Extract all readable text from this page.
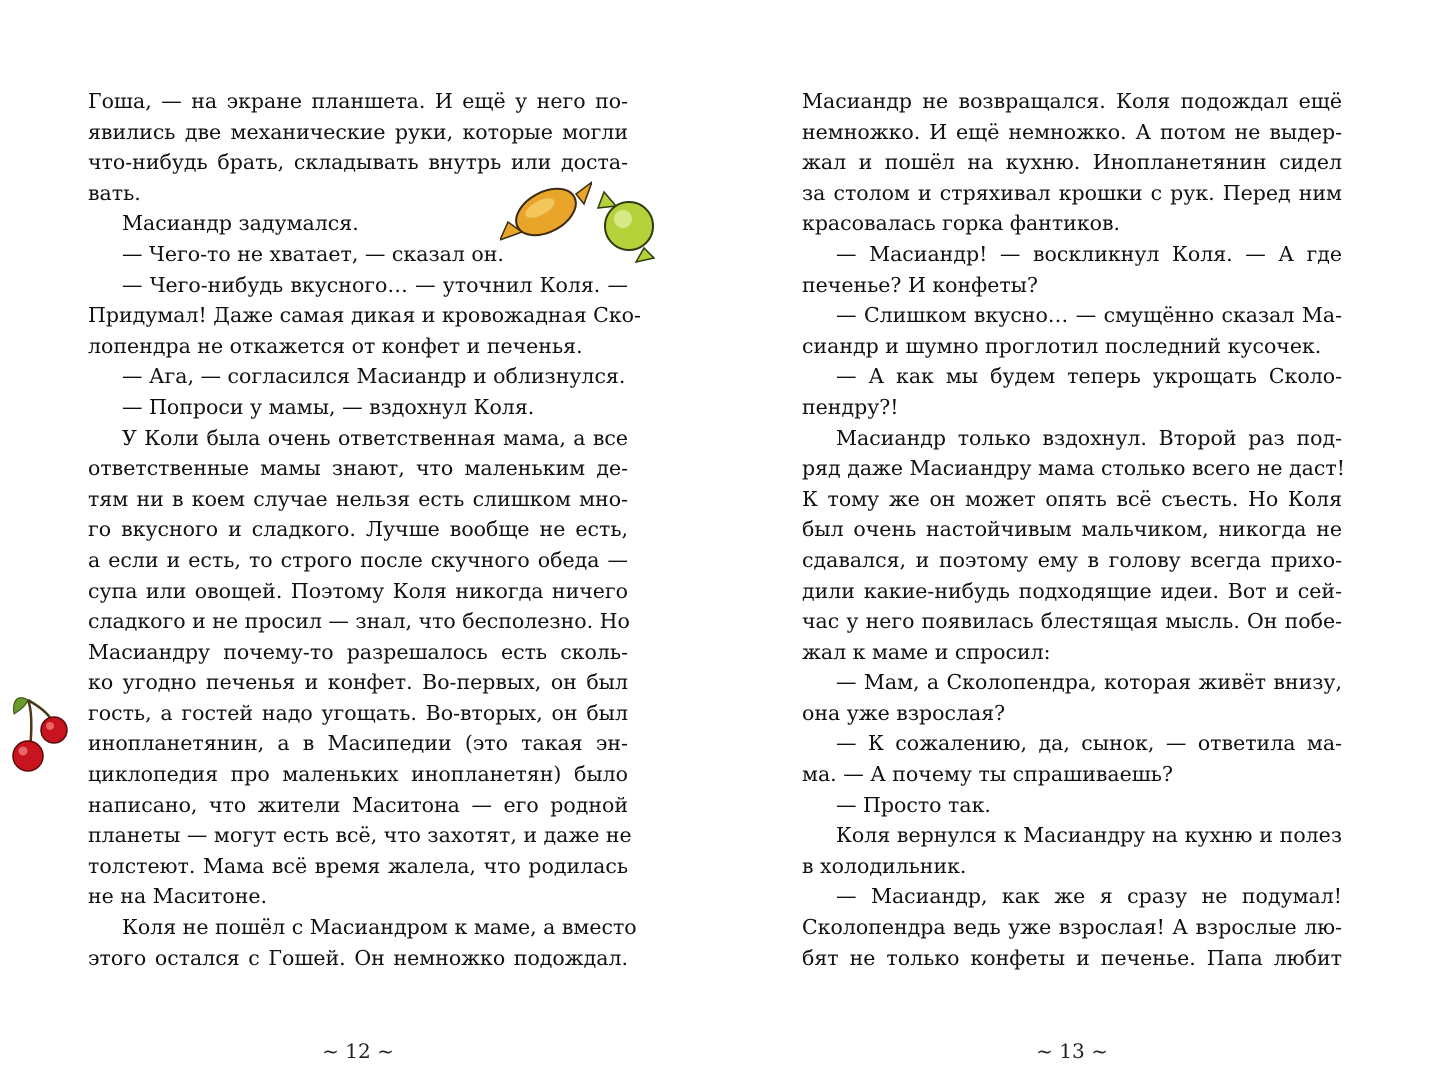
Гоша, — на экране планшета. И ещё у него по-
явились две механические руки, которые могли
что-нибудь брать, складывать внутрь или доста-
вать.
Масиандр задумался.
— Чего-то не хватает, — сказал он.
— Чего-нибудь вкусного… — уточнил Коля. —
Придумал! Даже самая дикая и кровожадная Ско-
лопендра не откажется от конфет и печенья.
— Ага, — согласился Масиандр и облизнулся.
— Попроси у мамы, — вздохнул Коля.
У Коли была очень ответственная мама, а все
ответственные мамы знают, что маленьким де-
тям ни в коем случае нельзя есть слишком мно-
го вкусного и сладкого. Лучше вообще не есть,
а если и есть, то строго после скучного обеда —
супа или овощей. Поэтому Коля никогда ничего
сладкого и не просил — знал, что бесполезно. Но
Масиандру почему-то разрешалось есть сколь-
ко угодно печенья и конфет. Во-первых, он был
гость, а гостей надо угощать. Во-вторых, он был
инопланетянин, а в Масипедии (это такая эн-
циклопедия про маленьких инопланетян) было
написано, что жители Маситона — его родной
планеты — могут есть всё, что захотят, и даже не
толстеют. Мама всё время жалела, что родилась
не на Маситоне.
Коля не пошёл с Масиандром к маме, а вместо
этого остался с Гошей. Он немножко подождал.
Масиандр не возвращался. Коля подождал ещё
немножко. И ещё немножко. А потом не выдер-
жал и пошёл на кухню. Инопланетянин сидел
за столом и стряхивал крошки с рук. Перед ним
красовалась горка фантиков.
— Масиандр! — воскликнул Коля. — А где
печенье? И конфеты?
— Слишком вкусно… — смущённо сказал Ма-
сиандр и шумно проглотил последний кусочек.
— А как мы будем теперь укрощать Сколо-
пендру?!
Масиандр только вздохнул. Второй раз под-
ряд даже Масиандру мама столько всего не даст!
К тому же он может опять всё съесть. Но Коля
был очень настойчивым мальчиком, никогда не
сдавался, и поэтому ему в голову всегда прихо-
дили какие-нибудь подходящие идеи. Вот и сей-
час у него появилась блестящая мысль. Он побе-
жал к маме и спросил:
— Мам, а Сколопендра, которая живёт внизу,
она уже взрослая?
— К сожалению, да, сынок, — ответила ма-
ма. — А почему ты спрашиваешь?
— Просто так.
Коля вернулся к Масиандру на кухню и полез
в холодильник.
— Масиандр, как же я сразу не подумал!
Сколопендра ведь уже взрослая! А взрослые лю-
бят не только конфеты и печенье. Папа любит
~ 12 ~	~ 13 ~
